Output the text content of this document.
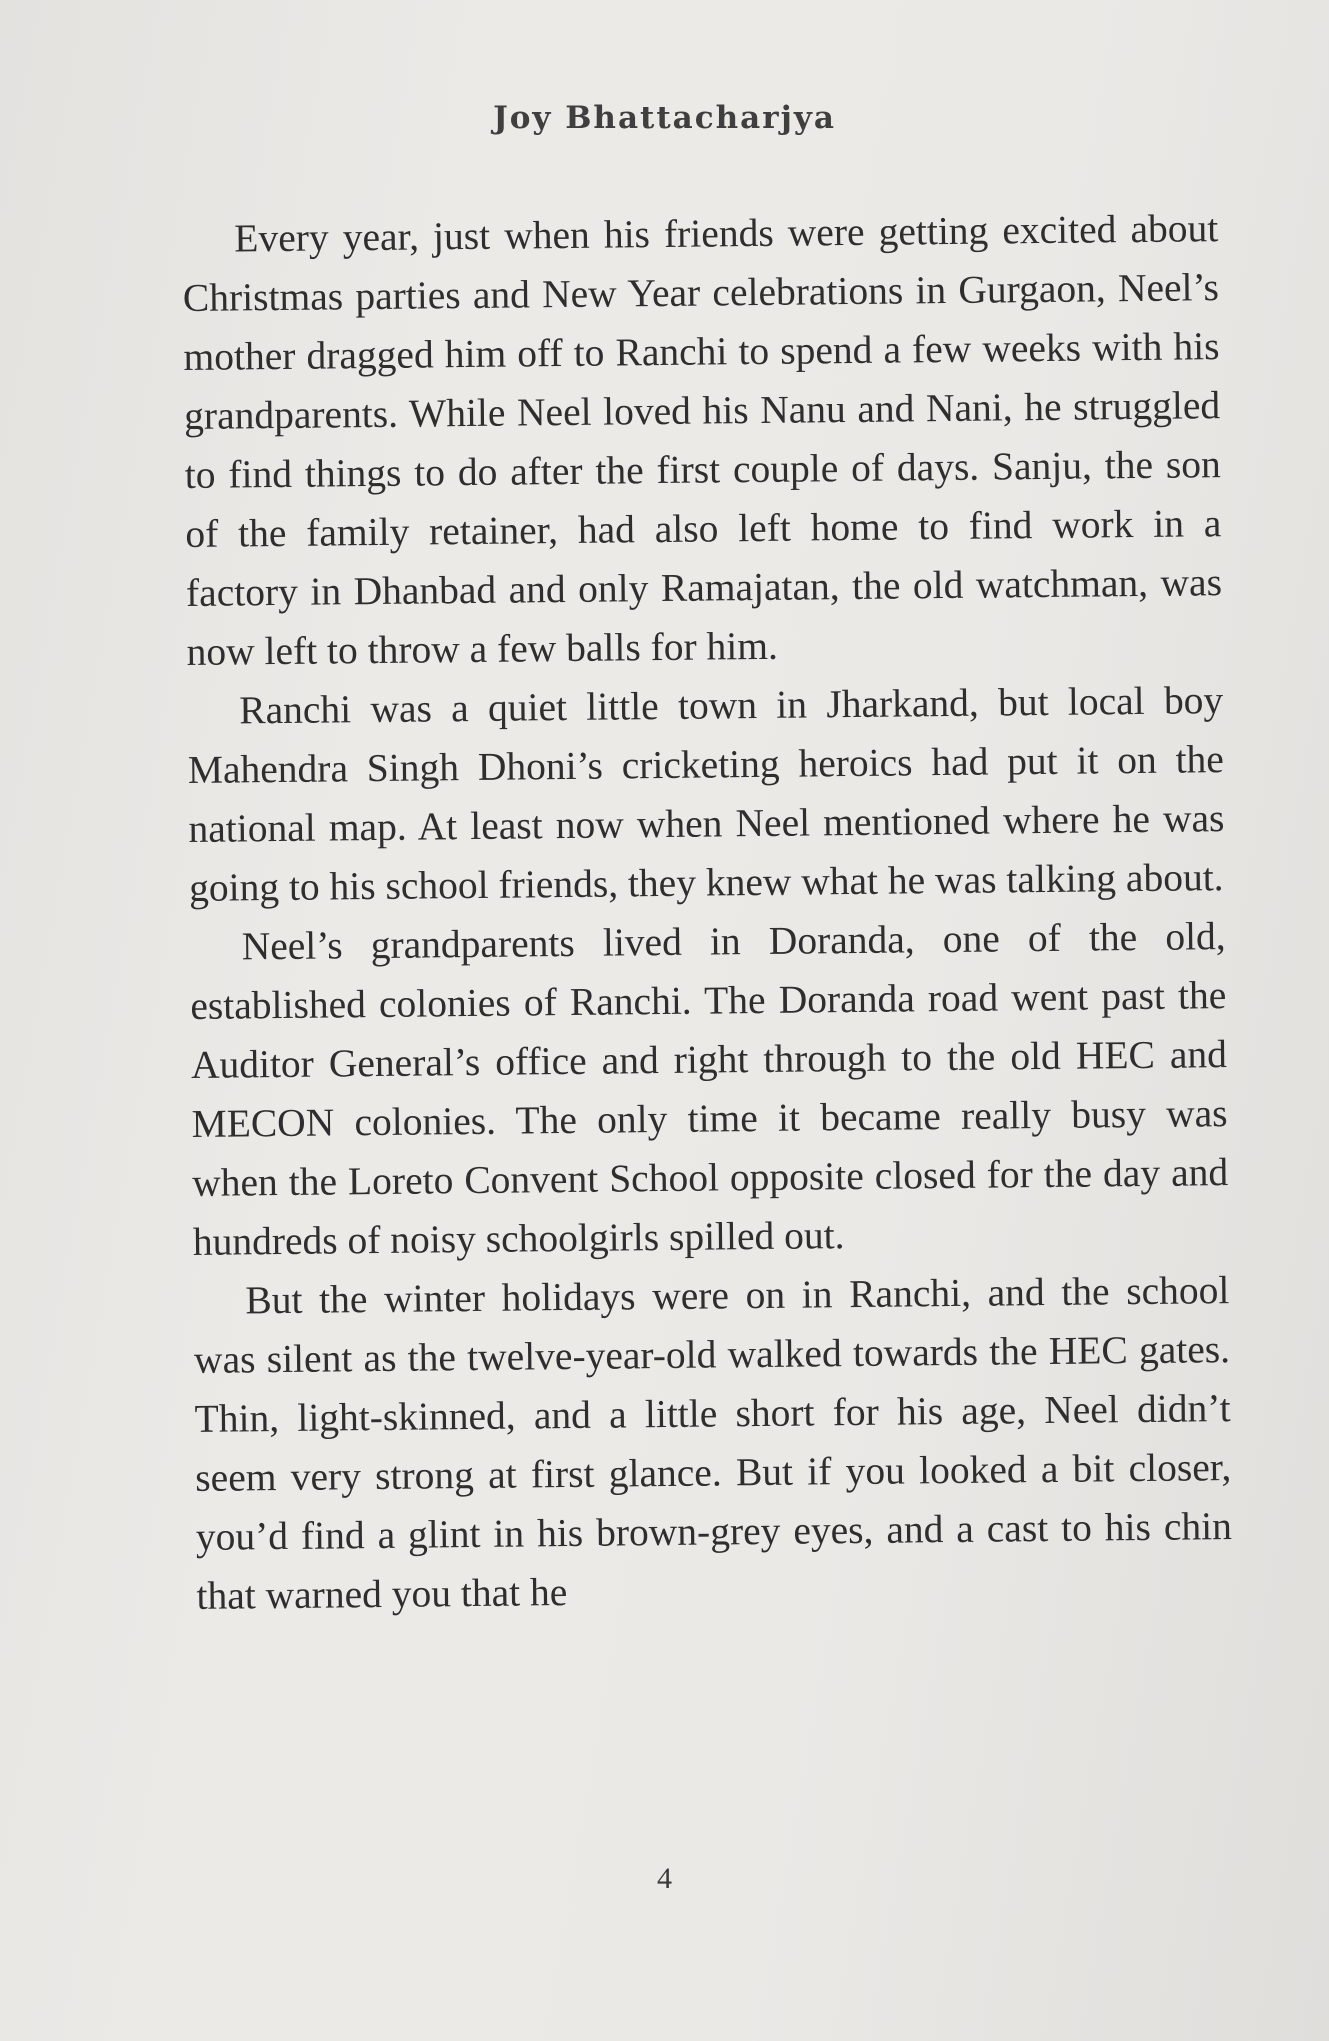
Joy Bhattacharjya

Every year, just when his friends were getting excited about Christmas parties and New Year celebrations in Gurgaon, Neel’s mother dragged him off to Ranchi to spend a few weeks with his grandparents. While Neel loved his Nanu and Nani, he struggled to find things to do after the first couple of days. Sanju, the son of the family retainer, had also left home to find work in a factory in Dhanbad and only Ramajatan, the old watchman, was now left to throw a few balls for him.

Ranchi was a quiet little town in Jharkand, but local boy Mahendra Singh Dhoni’s cricketing heroics had put it on the national map. At least now when Neel mentioned where he was going to his school friends, they knew what he was talking about.

Neel’s grandparents lived in Doranda, one of the old, established colonies of Ranchi. The Doranda road went past the Auditor General’s office and right through to the old HEC and MECON colonies. The only time it became really busy was when the Loreto Convent School opposite closed for the day and hundreds of noisy schoolgirls spilled out.

But the winter holidays were on in Ranchi, and the school was silent as the twelve-year-old walked towards the HEC gates. Thin, light-skinned, and a little short for his age, Neel didn’t seem very strong at first glance. But if you looked a bit closer, you’d find a glint in his brown-grey eyes, and a cast to his chin that warned you that he

4
